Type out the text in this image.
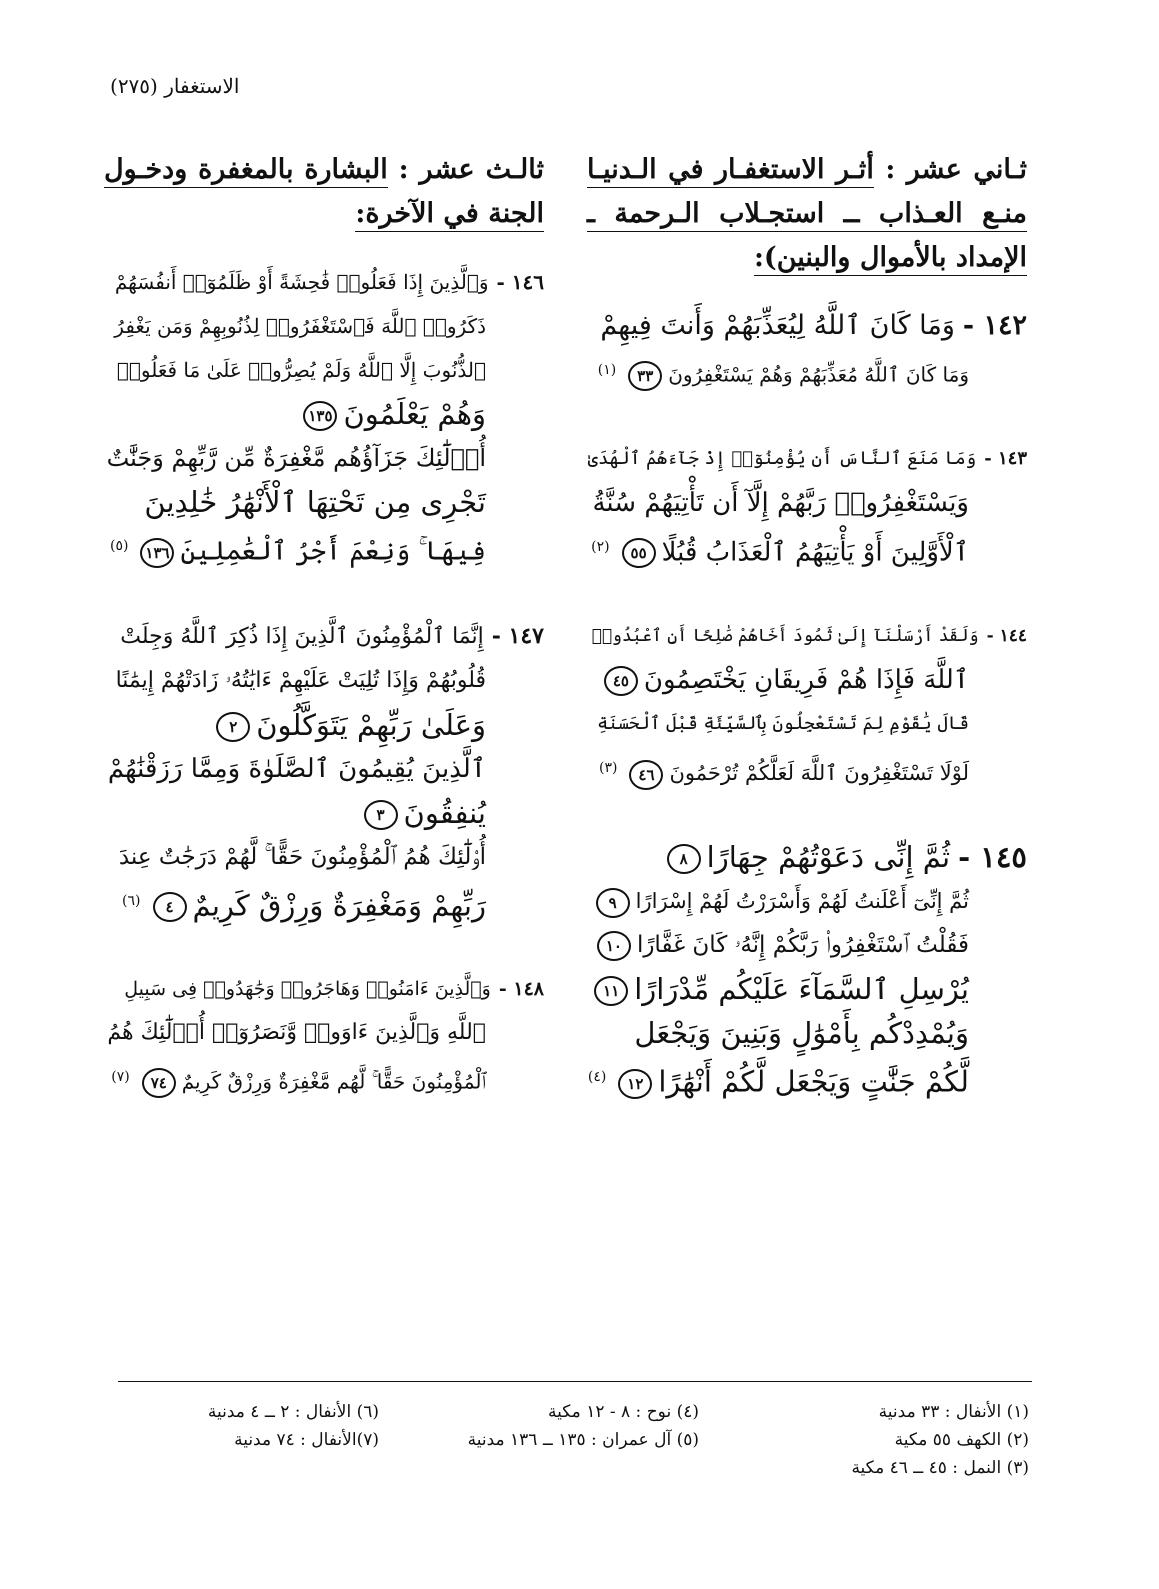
الاستغفار (٢٧٥)
ثـاني عشر : أثـر الاستغفـار في الـدنيـا منـع العـذاب ــ استجـلاب الـرحمة ـ الإمداد بالأموال والبنين):
١٤٢ -وَمَا كَانَ ٱللَّهُ لِيُعَذِّبَهُمْ وَأَنتَ فِيهِمْ
وَمَا كَانَ ٱللَّهُ مُعَذِّبَهُمْ وَهُمْ يَسْتَغْفِرُونَ٣٣$^{(١)}$
١٤٣ -وَمَا مَنَعَ ٱلنَّاسَ أَن يُؤْمِنُوٓا۟ إِذْ جَآءَهُمُ ٱلْهُدَىٰ
وَيَسْتَغْفِرُوا۟ رَبَّهُمْ إِلَّآ أَن تَأْتِيَهُمْ سُنَّةُ
ٱلْأَوَّلِينَ أَوْ يَأْتِيَهُمُ ٱلْعَذَابُ قُبُلًا٥٥$^{(٢)}$
١٤٤ -وَلَقَدْ أَرْسَلْنَآ إِلَىٰ ثَمُودَ أَخَاهُمْ صَٰلِحًا أَنِ ٱعْبُدُوا۟
ٱللَّهَ فَإِذَا هُمْ فَرِيقَانِ يَخْتَصِمُونَ٤٥
قَالَ يَٰقَوْمِ لِمَ تَسْتَعْجِلُونَ بِٱلسَّيِّئَةِ قَبْلَ ٱلْحَسَنَةِ
لَوْلَا تَسْتَغْفِرُونَ ٱللَّهَ لَعَلَّكُمْ تُرْحَمُونَ٤٦$^{(٣)}$
١٤٥ -ثُمَّ إِنِّى دَعَوْتُهُمْ جِهَارًا٨
ثُمَّ إِنِّىٓ أَعْلَنتُ لَهُمْ وَأَسْرَرْتُ لَهُمْ إِسْرَارًا٩
فَقُلْتُ ٱسْتَغْفِرُوا۟ رَبَّكُمْ إِنَّهُۥ كَانَ غَفَّارًا١٠
يُرْسِلِ ٱلسَّمَآءَ عَلَيْكُم مِّدْرَارًا١١
وَيُمْدِدْكُم بِأَمْوَٰلٍ وَبَنِينَ وَيَجْعَل
لَّكُمْ جَنَّٰتٍ وَيَجْعَل لَّكُمْ أَنْهَٰرًا١٢$^{(٤)}$
ثالـث عشر : البشارة بالمغفرة ودخـول الجنة في الآخرة:
١٤٦ -وَٱلَّذِينَ إِذَا فَعَلُوا۟ فَٰحِشَةً أَوْ ظَلَمُوٓا۟ أَنفُسَهُمْ
ذَكَرُوا۟ ٱللَّهَ فَٱسْتَغْفَرُوا۟ لِذُنُوبِهِمْ وَمَن يَغْفِرُ
ٱلذُّنُوبَ إِلَّا ٱللَّهُ وَلَمْ يُصِرُّوا۟ عَلَىٰ مَا فَعَلُوا۟
وَهُمْ يَعْلَمُونَ١٣٥
أُو۟لَٰٓئِكَ جَزَآؤُهُم مَّغْفِرَةٌ مِّن رَّبِّهِمْ وَجَنَّٰتٌ
تَجْرِى مِن تَحْتِهَا ٱلْأَنْهَٰرُ خَٰلِدِينَ
فِيهَا ۚ وَنِعْمَ أَجْرُ ٱلْعَٰمِلِينَ١٣٦$^{(٥)}$
١٤٧ -إِنَّمَا ٱلْمُؤْمِنُونَ ٱلَّذِينَ إِذَا ذُكِرَ ٱللَّهُ وَجِلَتْ
قُلُوبُهُمْ وَإِذَا تُلِيَتْ عَلَيْهِمْ ءَايَٰتُهُۥ زَادَتْهُمْ إِيمَٰنًا
وَعَلَىٰ رَبِّهِمْ يَتَوَكَّلُونَ٢
ٱلَّذِينَ يُقِيمُونَ ٱلصَّلَوٰةَ وَمِمَّا رَزَقْنَٰهُمْ
يُنفِقُونَ٣
أُو۟لَٰٓئِكَ هُمُ ٱلْمُؤْمِنُونَ حَقًّا ۚ لَّهُمْ دَرَجَٰتٌ عِندَ
رَبِّهِمْ وَمَغْفِرَةٌ وَرِزْقٌ كَرِيمٌ٤$^{(٦)}$
١٤٨ -وَٱلَّذِينَ ءَامَنُوا۟ وَهَاجَرُوا۟ وَجَٰهَدُوا۟ فِى سَبِيلِ
ٱللَّهِ وَٱلَّذِينَ ءَاوَوا۟ وَّنَصَرُوٓا۟ أُو۟لَٰٓئِكَ هُمُ
ٱلْمُؤْمِنُونَ حَقًّا ۚ لَّهُم مَّغْفِرَةٌ وَرِزْقٌ كَرِيمٌ٧٤$^{(٧)}$
(١) الأنفال : ٣٣ مدنية
(٢) الكهف ٥٥ مكية
(٣) النمل : ٤٥ ــ ٤٦ مكية
(٤) نوح : ٨ - ١٢ مكية
(٥) آل عمران : ١٣٥ ــ ١٣٦ مدنية
(٦) الأنفال : ٢ ــ ٤ مدنية
(٧)الأنفال : ٧٤ مدنية
